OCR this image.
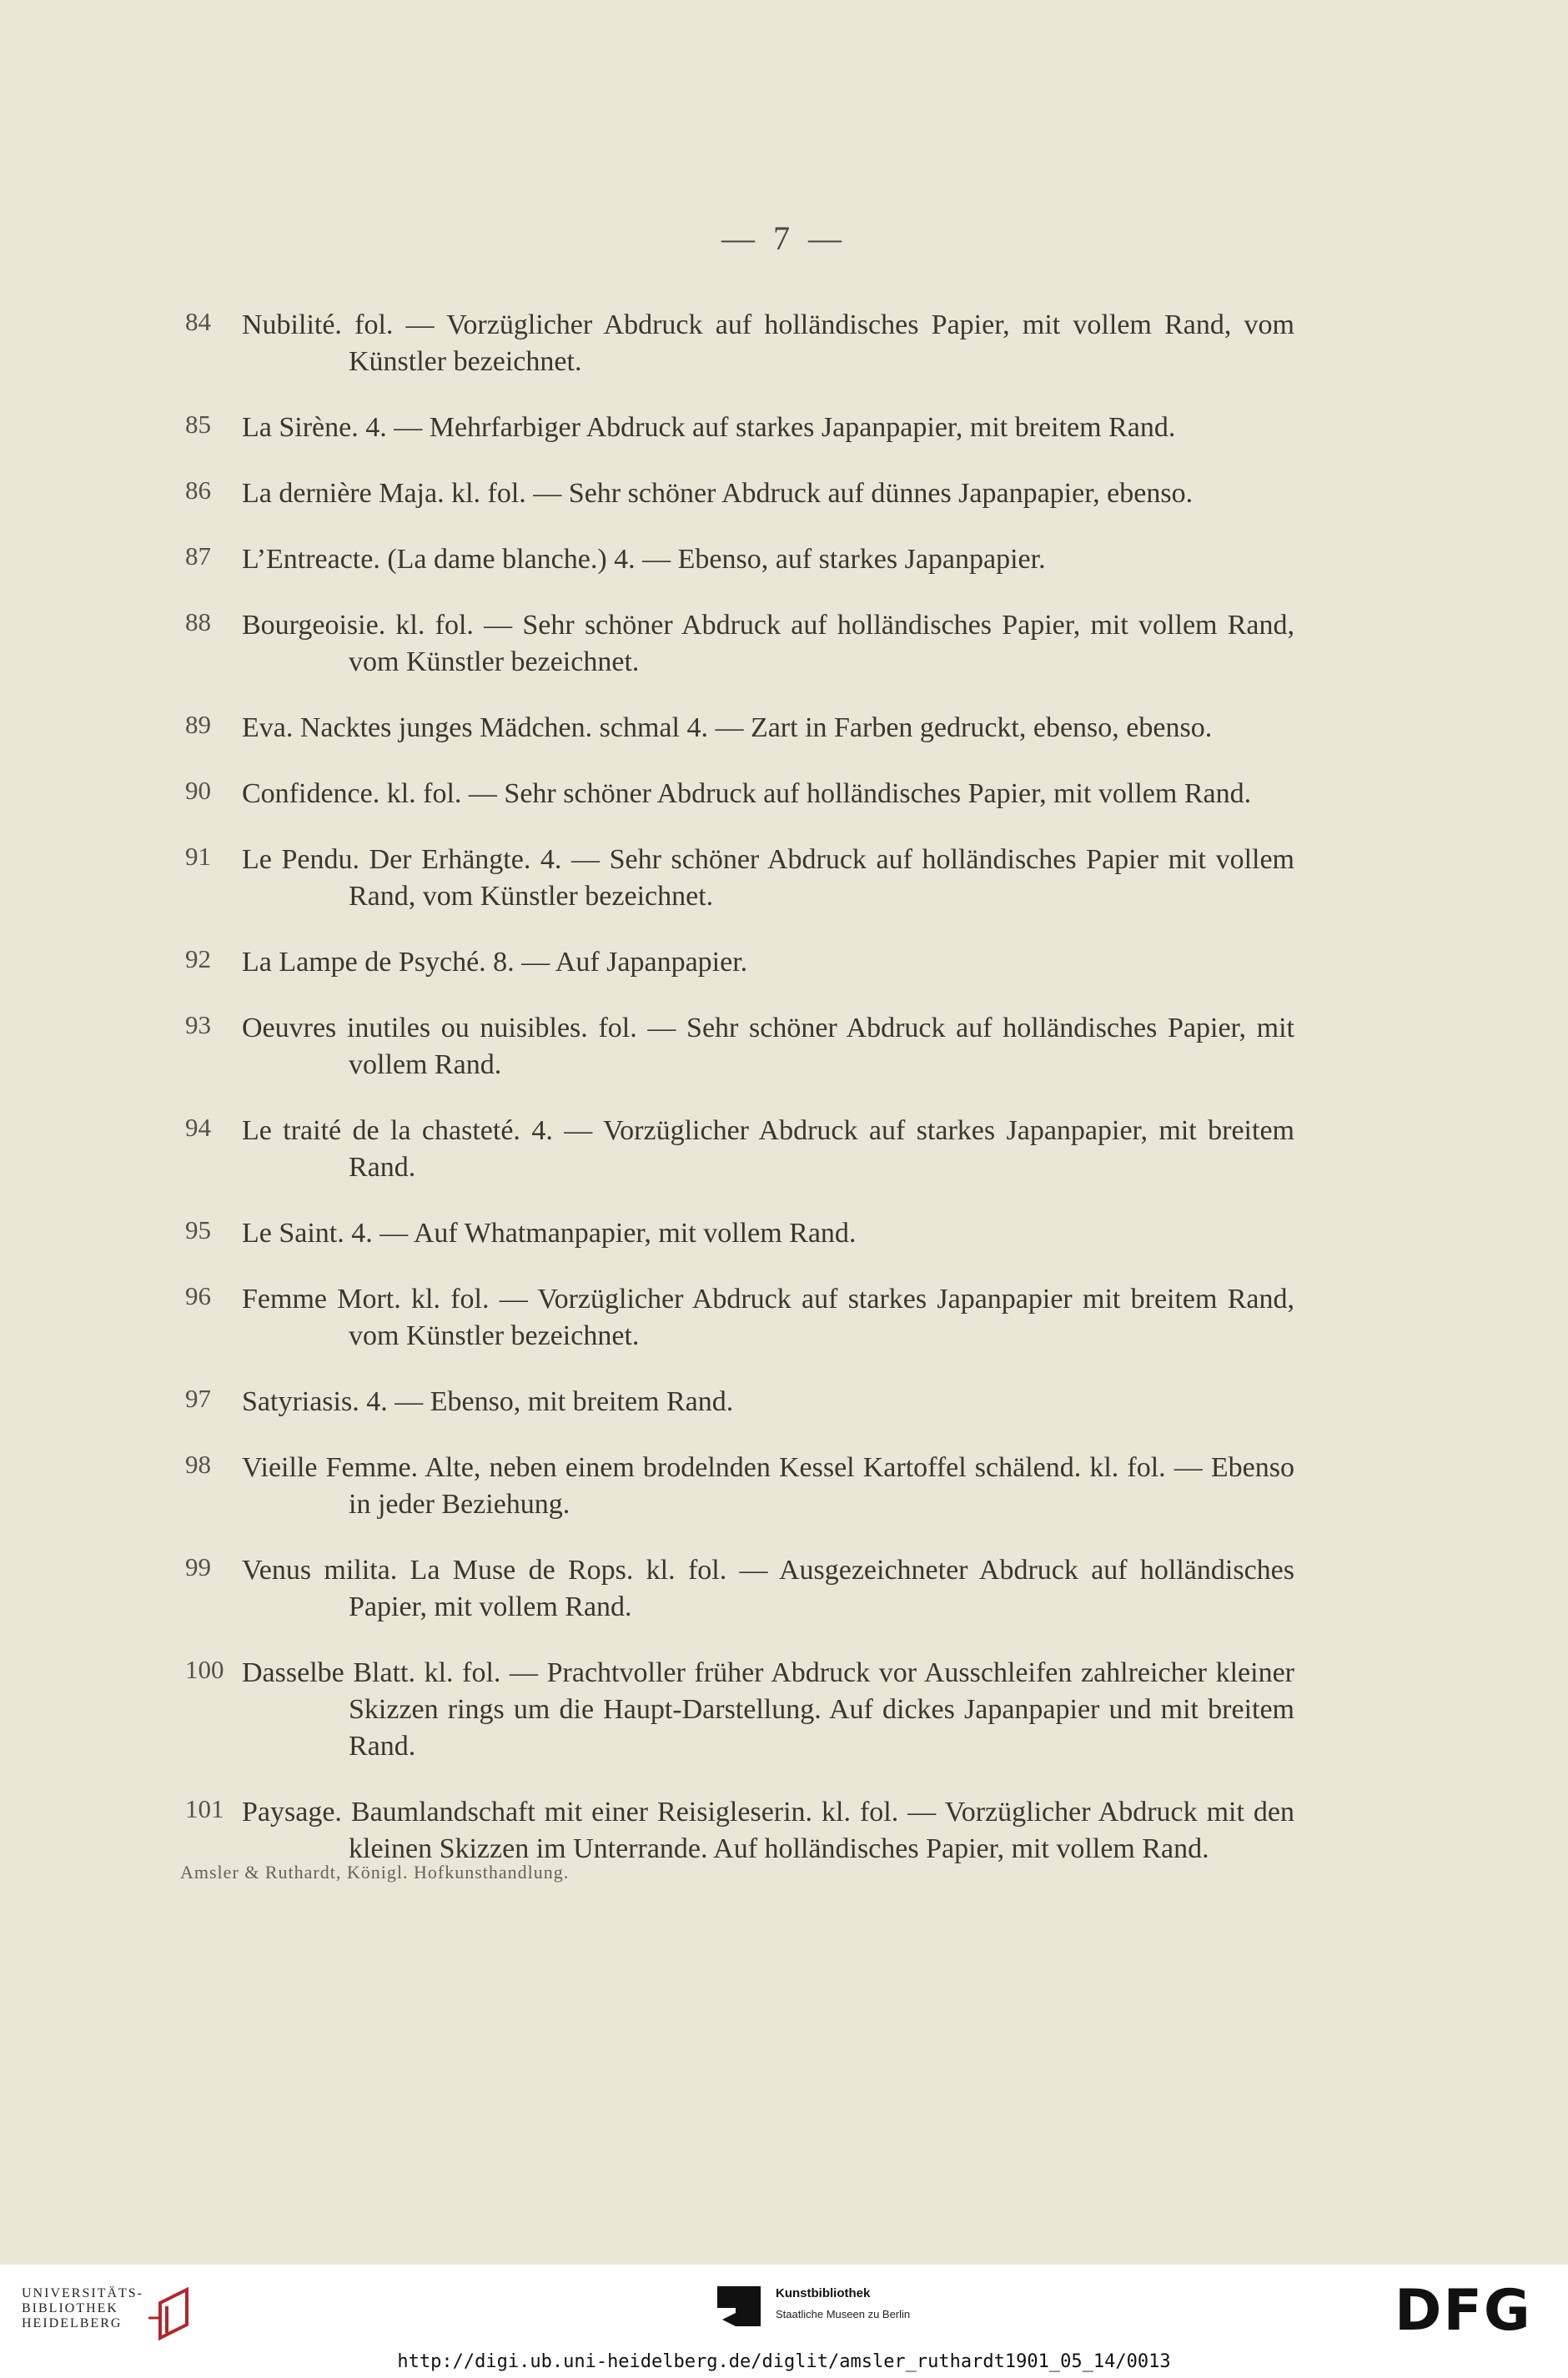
— 7 —
84 Nubilité. fol. — Vorzüglicher Abdruck auf holländisches Papier, mit vollem Rand, vom Künstler bezeichnet.
85 La Sirène. 4. — Mehrfarbiger Abdruck auf starkes Japanpapier, mit breitem Rand.
86 La dernière Maja. kl. fol. — Sehr schöner Abdruck auf dünnes Japanpapier, ebenso.
87 L’Entreacte. (La dame blanche.) 4. — Ebenso, auf starkes Japanpapier.
88 Bourgeoisie. kl. fol. — Sehr schöner Abdruck auf holländisches Papier, mit vollem Rand, vom Künstler bezeichnet.
89 Eva. Nacktes junges Mädchen. schmal 4. — Zart in Farben gedruckt, ebenso, ebenso.
90 Confidence. kl. fol. — Sehr schöner Abdruck auf holländisches Papier, mit vollem Rand.
91 Le Pendu. Der Erhängte. 4. — Sehr schöner Abdruck auf holländisches Papier mit vollem Rand, vom Künstler bezeichnet.
92 La Lampe de Psyché. 8. — Auf Japanpapier.
93 Oeuvres inutiles ou nuisibles. fol. — Sehr schöner Abdruck auf holländisches Papier, mit vollem Rand.
94 Le traité de la chasteté. 4. — Vorzüglicher Abdruck auf starkes Japanpapier, mit breitem Rand.
95 Le Saint. 4. — Auf Whatmanpapier, mit vollem Rand.
96 Femme Mort. kl. fol. — Vorzüglicher Abdruck auf starkes Japanpapier mit breitem Rand, vom Künstler bezeichnet.
97 Satyriasis. 4. — Ebenso, mit breitem Rand.
98 Vieille Femme. Alte, neben einem brodelnden Kessel Kartoffel schälend. kl. fol. — Ebenso in jeder Beziehung.
99 Venus milita. La Muse de Rops. kl. fol. — Ausgezeichneter Abdruck auf holländisches Papier, mit vollem Rand.
100 Dasselbe Blatt. kl. fol. — Prachtvoller früher Abdruck vor Ausschleifen zahlreicher kleiner Skizzen rings um die Haupt-Darstellung. Auf dickes Japanpapier und mit breitem Rand.
101 Paysage. Baumlandschaft mit einer Reisigleserin. kl. fol. — Vorzüglicher Abdruck mit den kleinen Skizzen im Unterrande. Auf holländisches Papier, mit vollem Rand.
Amsler & Ruthardt, Königl. Hofkunsthandlung.
UNIVERSITÄTS-
BIBLIOTHEK
HEIDELBERG
Kunstbibliothek
Staatliche Museen zu Berlin	DFG
http://digi.ub.uni-heidelberg.de/diglit/amsler_ruthardt1901_05_14/0013
